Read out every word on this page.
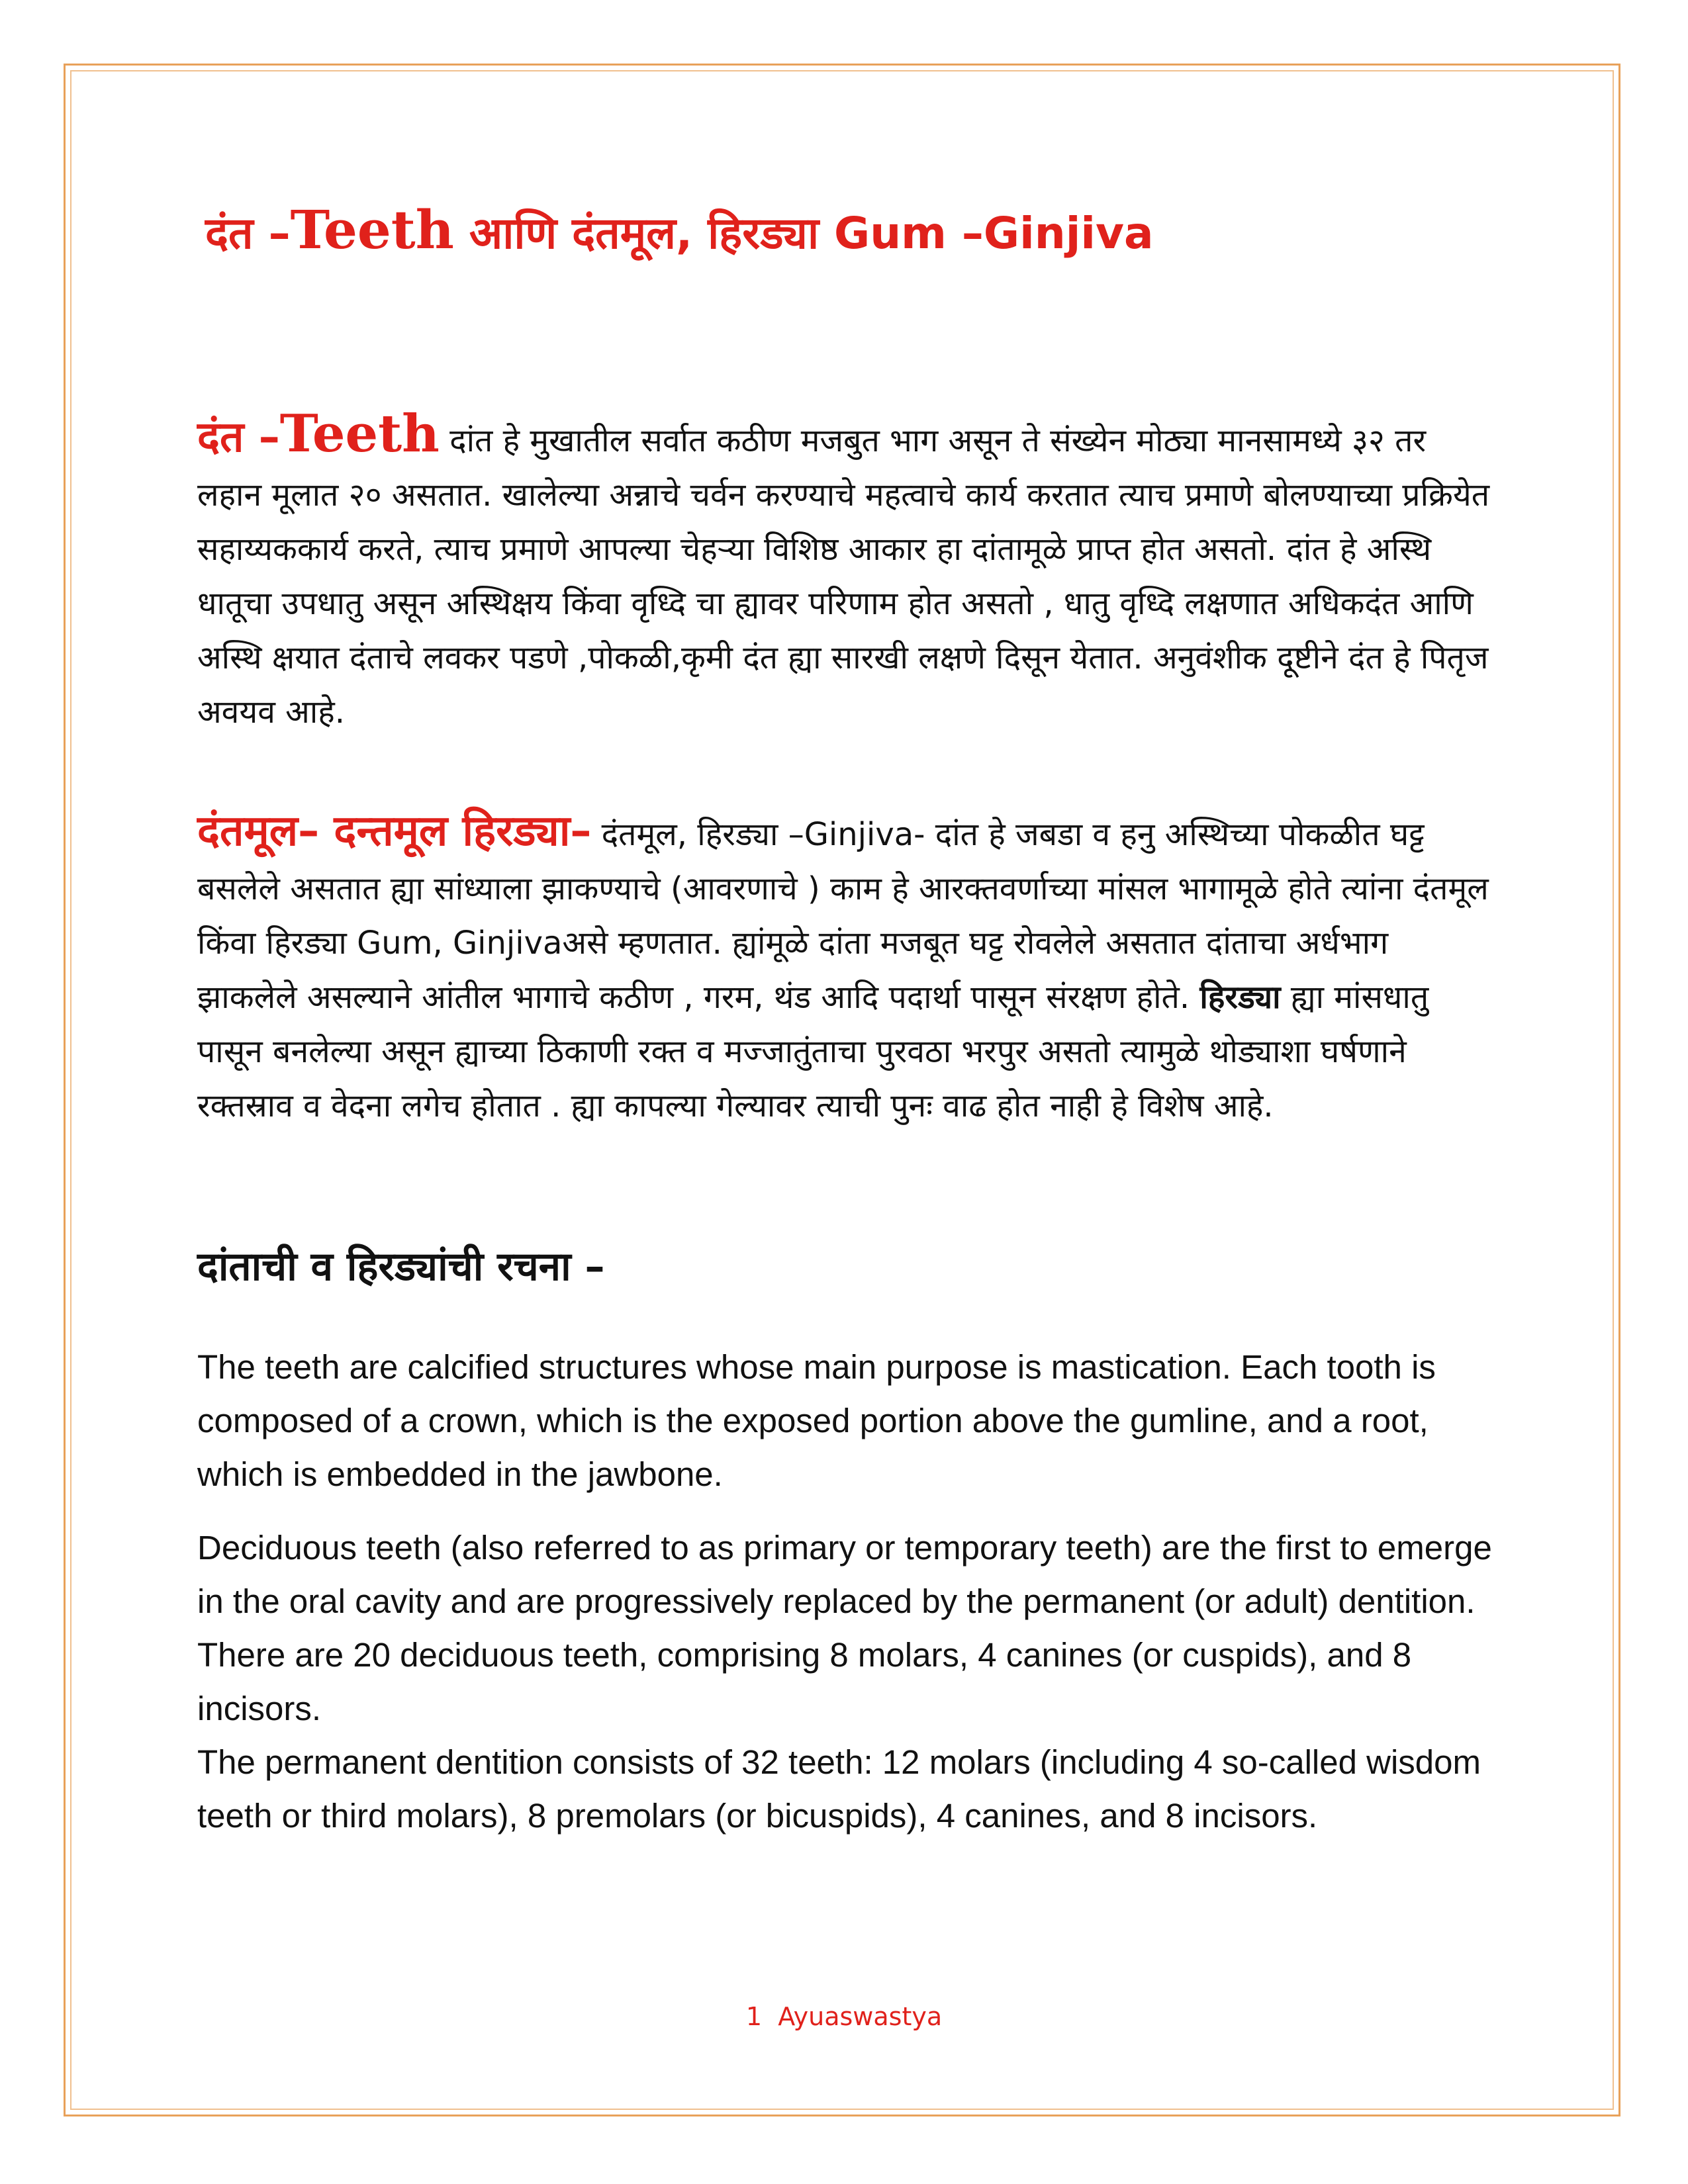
दंत –Teeth आणि दंतमूल, हिरड्या Gum –Ginjiva
दंत –Teeth दांत हे मुखातील सर्वात कठीण मजबुत भाग असून ते संख्येन मोठ्या मानसामध्ये ३२ तर लहान मूलात २० असतात. खालेल्या अन्नाचे चर्वन करण्याचे महत्वाचे कार्य करतात त्याच प्रमाणे बोलण्याच्या प्रक्रियेत सहाय्यककार्य करते, त्याच प्रमाणे आपल्या चेहऱ्या विशिष्ठ आकार हा दांतामूळे प्राप्त होत असतो. दांत हे अस्थि धातूचा उपधातु असून अस्थिक्षय किंवा वृध्दि चा ह्यावर परिणाम होत असतो , धातु वृध्दि लक्षणात अधिकदंत आणि अस्थि क्षयात दंताचे लवकर पडणे ,पोकळी,कृमी दंत ह्या सारखी लक्षणे दिसून येतात. अनुवंशीक दूष्टीने दंत हे पितृज अवयव आहे.
दंतमूल– दन्तमूल हिरड्या– दंतमूल, हिरड्या –Ginjiva- दांत हे जबडा व हनु अस्थिच्या पोकळीत घट्ट बसलेले असतात ह्या सांध्याला झाकण्याचे (आवरणाचे ) काम हे आरक्तवर्णाच्या मांसल भागामूळे होते त्यांना दंतमूल किंवा हिरड्या Gum, Ginjivaअसे म्हणतात. ह्यांमूळे दांता मजबूत घट्ट रोवलेले असतात दांताचा अर्धभाग झाकलेले असल्याने आंतील भागाचे कठीण , गरम, थंड आदि पदार्था पासून संरक्षण होते. हिरड्या ह्या मांसधातु पासून बनलेल्या असून ह्याच्या ठिकाणी रक्त व मज्जातुंताचा पुरवठा भरपुर असतो त्यामुळे थोड्याशा घर्षणाने रक्तस्राव व वेदना लगेच होतात . ह्या कापल्या गेल्यावर त्याची पुनः वाढ होत नाही हे विशेष आहे.
दांताची व हिरड्यांची रचना –

The teeth are calcified structures whose main purpose is mastication. Each tooth is composed of a crown, which is the exposed portion above the gumline, and a root, which is embedded in the jawbone.

Deciduous teeth (also referred to as primary or temporary teeth) are the first to emerge in the oral cavity and are progressively replaced by the permanent (or adult) dentition.

There are 20 deciduous teeth, comprising 8 molars, 4 canines (or cuspids), and 8 incisors.

The permanent dentition consists of 32 teeth: 12 molars (including 4 so-called wisdom teeth or third molars), 8 premolars (or bicuspids), 4 canines, and 8 incisors.

1 Ayuaswastya
